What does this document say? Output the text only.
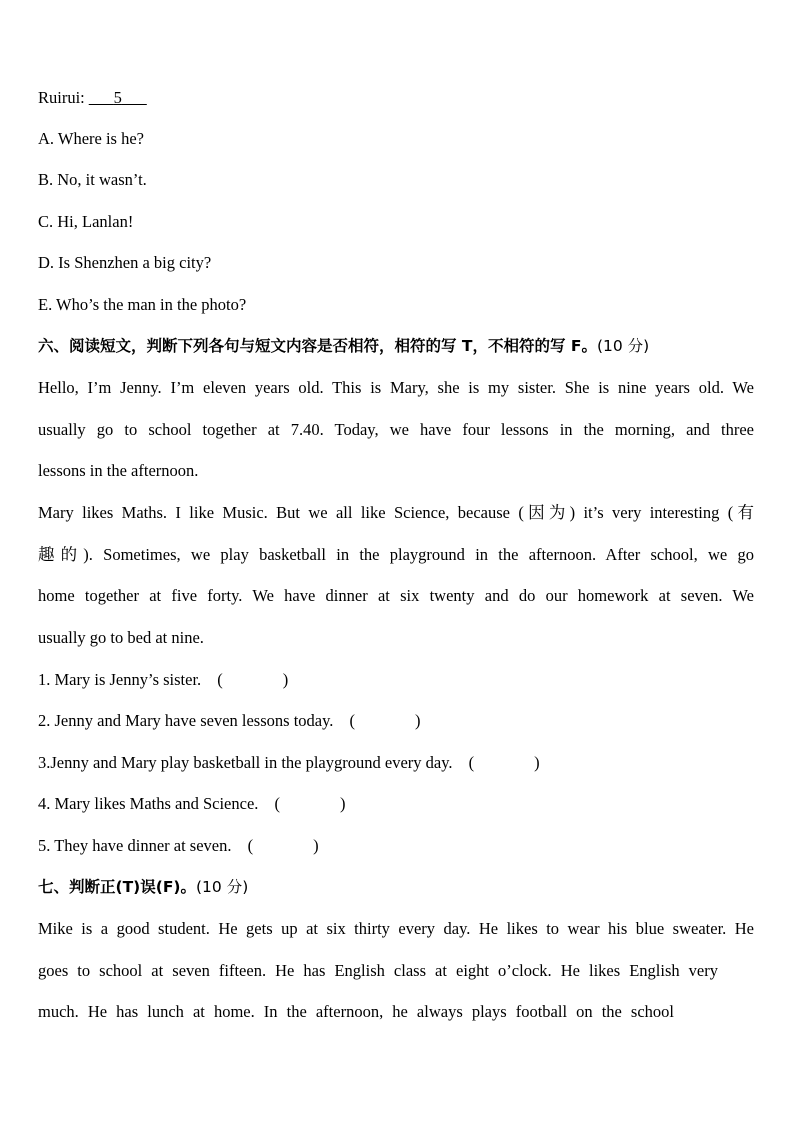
Ruirui: ___5___
A. Where is he?
B. No, it wasn’t.
C. Hi, Lanlan!
D. Is Shenzhen a big city?
E. Who’s the man in the photo?
六、阅读短文，判断下列各句与短文内容是否相符，相符的写 T，不相符的写 F。(10 分)
Hello, I’m Jenny. I’m eleven years old. This is Mary, she is my sister. She is nine years old. We
usually go to school together at 7.40. Today, we have four lessons in the morning, and three
lessons in the afternoon.
Mary likes Maths. I like Music. But we all like Science, because (因为) it’s very interesting (有
趣的). Sometimes, we play basketball in the playground in the afternoon. After school, we go
home together at five forty. We have dinner at six twenty and do our homework at seven. We
usually go to bed at nine.
1. Mary is Jenny’s sister. (	)
2. Jenny and Mary have seven lessons today. (	)
3.Jenny and Mary play basketball in the playground every day. (	)
4. Mary likes Maths and Science. (	)
5. They have dinner at seven. (	)
七、判断正(T)误(F)。(10 分)
Mike is a good student. He gets up at six thirty every day. He likes to wear his blue sweater. He
goes to school at seven fifteen. He has English class at eight o’clock. He likes English very
much. He has lunch at home. In the afternoon, he always plays football on the school
